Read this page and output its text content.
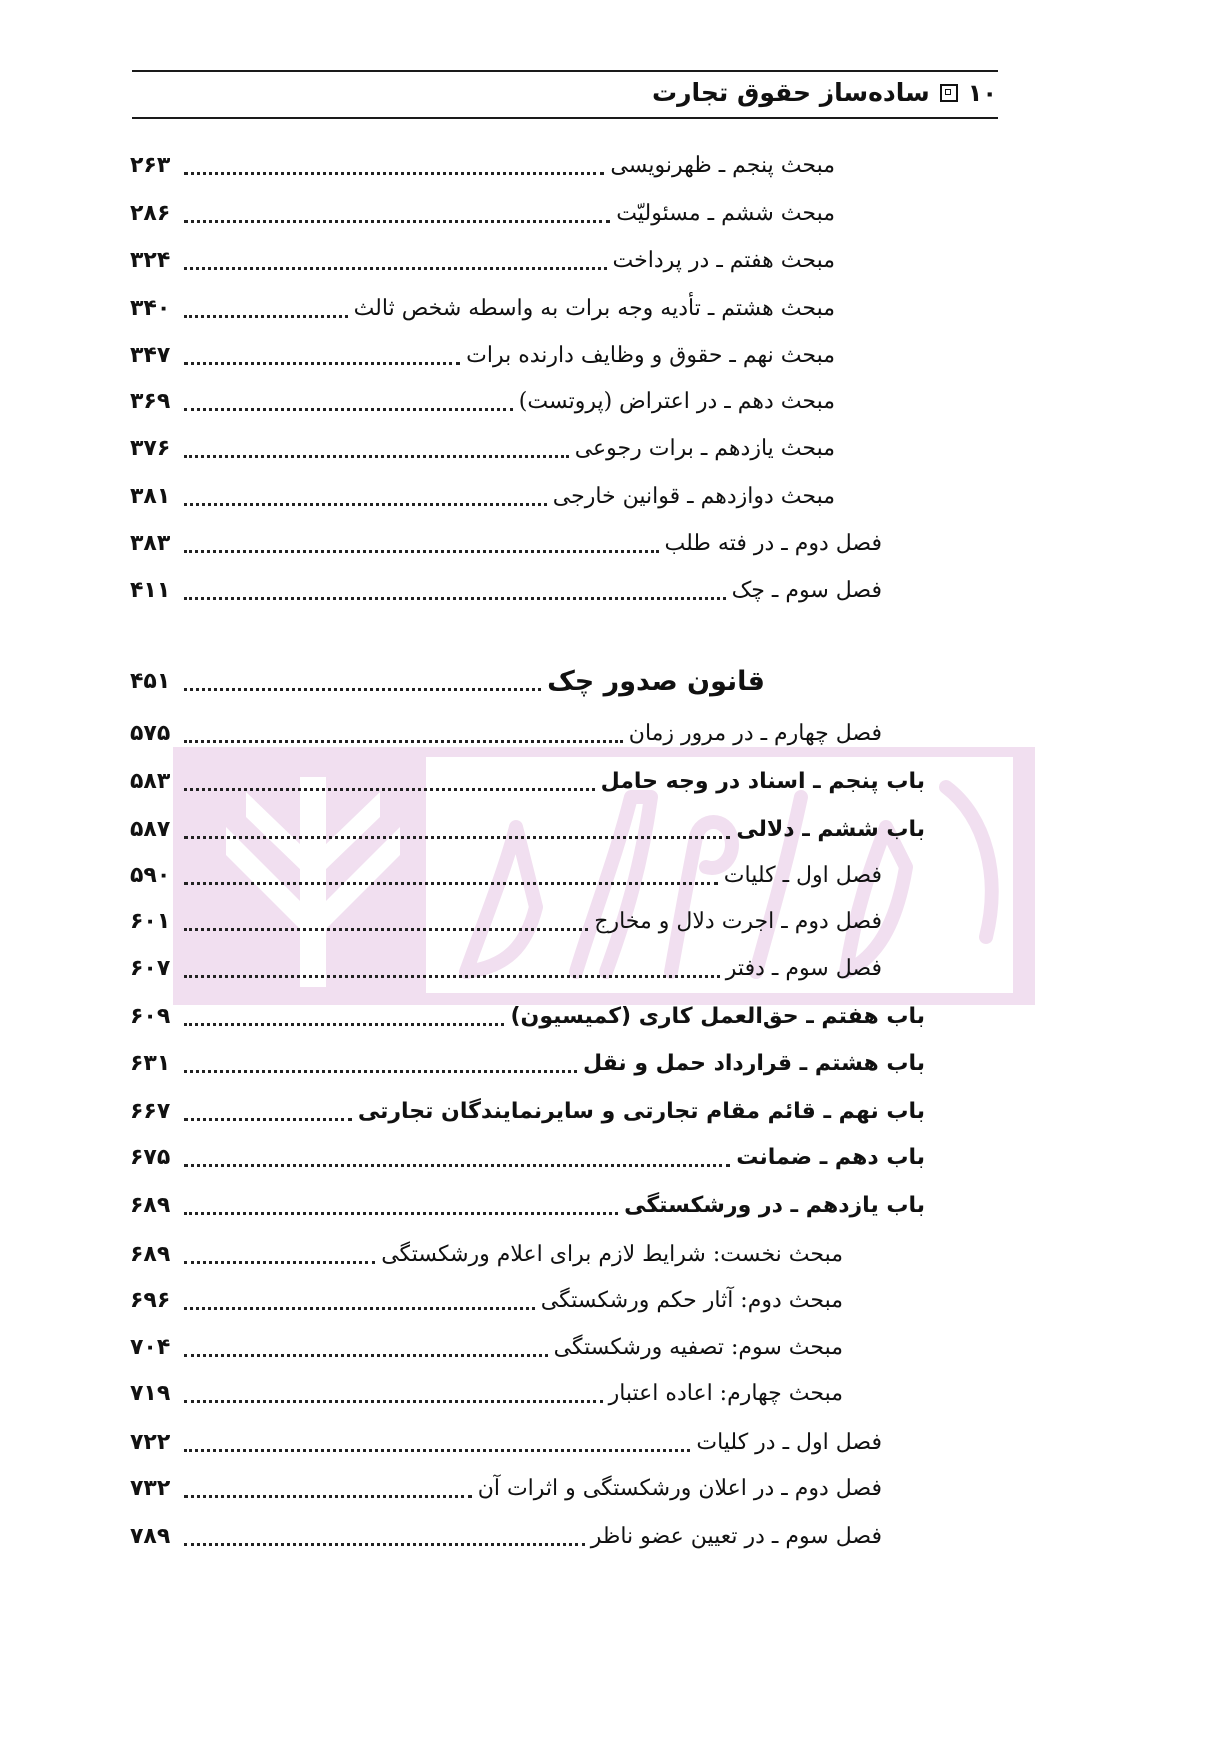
۱۰
ساده‌ساز حقوق تجارت
مبحث پنجم ـ ظهرنویسی
۲۶۳
مبحث ششم ـ مسئولیّت
۲۸۶
مبحث هفتم ـ در پرداخت
۳۲۴
مبحث هشتم ـ تأدیه وجه برات به واسطه شخص ثالث
۳۴۰
مبحث نهم ـ حقوق و وظایف دارنده برات
۳۴۷
مبحث دهم ـ در اعتراض (پروتست)
۳۶۹
مبحث یازدهم ـ برات رجوعی
۳۷۶
مبحث دوازدهم ـ قوانین خارجی
۳۸۱
فصل دوم ـ در فته طلب
۳۸۳
فصل سوم ـ چک
۴۱۱
قانون صدور چک
۴۵۱
فصل چهارم ـ در مرور زمان
۵۷۵
باب پنجم ـ اسناد در وجه حامل
۵۸۳
باب ششم ـ دلالی
۵۸۷
فصل اول ـ کلیات
۵۹۰
فصل دوم ـ اجرت دلال و مخارج
۶۰۱
فصل سوم ـ دفتر
۶۰۷
باب هفتم ـ حق‌العمل کاری (کمیسیون)
۶۰۹
باب هشتم ـ قرارداد حمل و نقل
۶۳۱
باب نهم ـ قائم مقام تجارتی و سایرنمایندگان تجارتی
۶۶۷
باب دهم ـ ضمانت
۶۷۵
باب یازدهم ـ در ورشکستگی
۶۸۹
مبحث نخست: شرایط لازم برای اعلام ورشکستگی
۶۸۹
مبحث دوم: آثار حکم ورشکستگی
۶۹۶
مبحث سوم: تصفیه ورشکستگی
۷۰۴
مبحث چهارم: اعاده اعتبار
۷۱۹
فصل اول ـ در کلیات
۷۲۲
فصل دوم ـ در اعلان ورشکستگی و اثرات آن
۷۳۲
فصل سوم ـ در تعیین عضو ناظر
۷۸۹
